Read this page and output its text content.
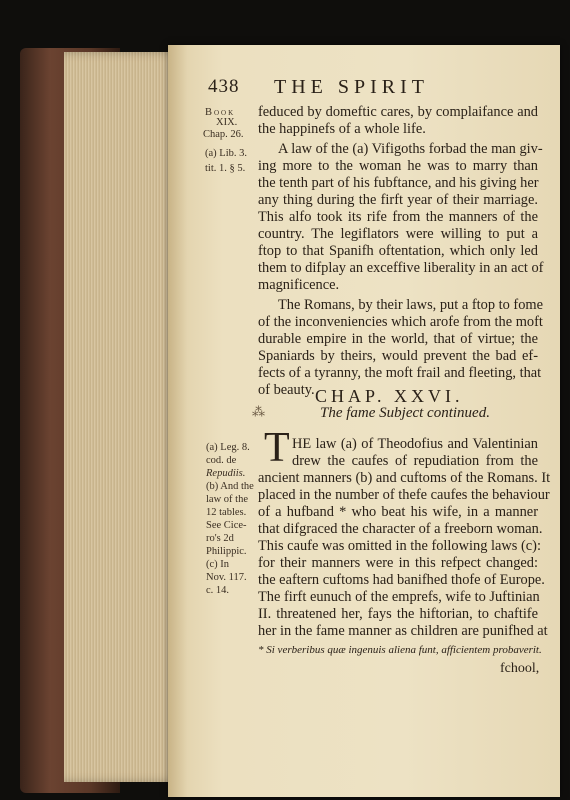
438 THE SPIRIT
Book
XIX.
Chap. 26.
(a) Lib. 3.
tit. 1. § 5.
(a) Leg. 8.
cod. de
Repudiis.
(b) And the
law of the
12 tables.
See Cice-
ro's 2d
Philippic.
(c) In
Nov. 117.
c. 14.
feduced by domeftic cares, by complaifance and
the happinefs of a whole life.
A law of the (a) Vifigoths forbad the man giv-
ing more to the woman he was to marry than
the tenth part of his fubftance, and his giving her
any thing during the firft year of their marriage.
This alfo took its rife from the manners of the
country. The legiflators were willing to put a
ftop to that Spanifh oftentation, which only led
them to difplay an exceffive liberality in an act of
magnificence.
The Romans, by their laws, put a ftop to fome
of the inconveniencies which arofe from the moft
durable empire in the world, that of virtue; the
Spaniards by theirs, would prevent the bad ef-
fects of a tyranny, the moft frail and fleeting, that
of beauty. CHAP. XXVI.
⁂	The fame Subject continued.
T HE law (a) of Theodofius and Valentinian
drew the caufes of repudiation from the
ancient manners (b) and cuftoms of the Romans. It
placed in the number of thefe caufes the behaviour
of a hufband * who beat his wife, in a manner
that difgraced the character of a freeborn woman.
This caufe was omitted in the following laws (c):
for their manners were in this refpect changed:
the eaftern cuftoms had banifhed thofe of Europe.
The firft eunuch of the emprefs, wife to Juftinian
II. threatened her, fays the hiftorian, to chaftife
her in the fame manner as children are punifhed at
* Si verberibus quæ ingenuis aliena funt, afficientem probaverit.
fchool,
